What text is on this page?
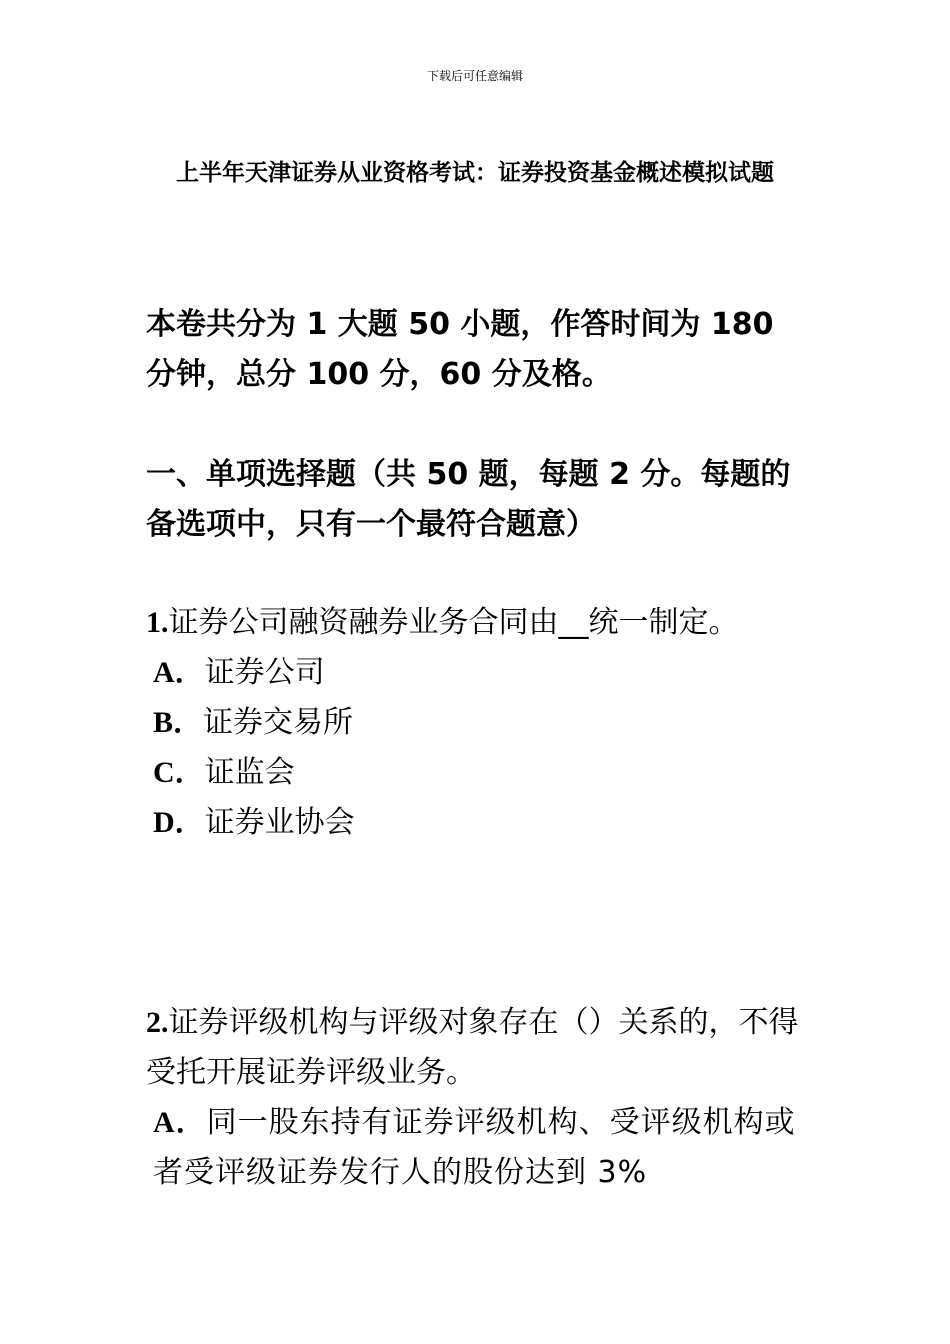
下载后可任意编辑
上半年天津证券从业资格考试：证券投资基金概述模拟试题
本卷共分为 1 大题 50 小题，作答时间为 180 分钟，总分 100 分，60 分及格。
一、单项选择题（共 50 题，每题 2 分。每题的备选项中，只有一个最符合题意）
1.证券公司融资融券业务合同由__统一制定。
A．证券公司
B．证券交易所
C．证监会
D．证券业协会
2.证券评级机构与评级对象存在（）关系的，不得受托开展证券评级业务。
A．同一股东持有证券评级机构、受评级机构或者受评级证券发行人的股份达到 3%
